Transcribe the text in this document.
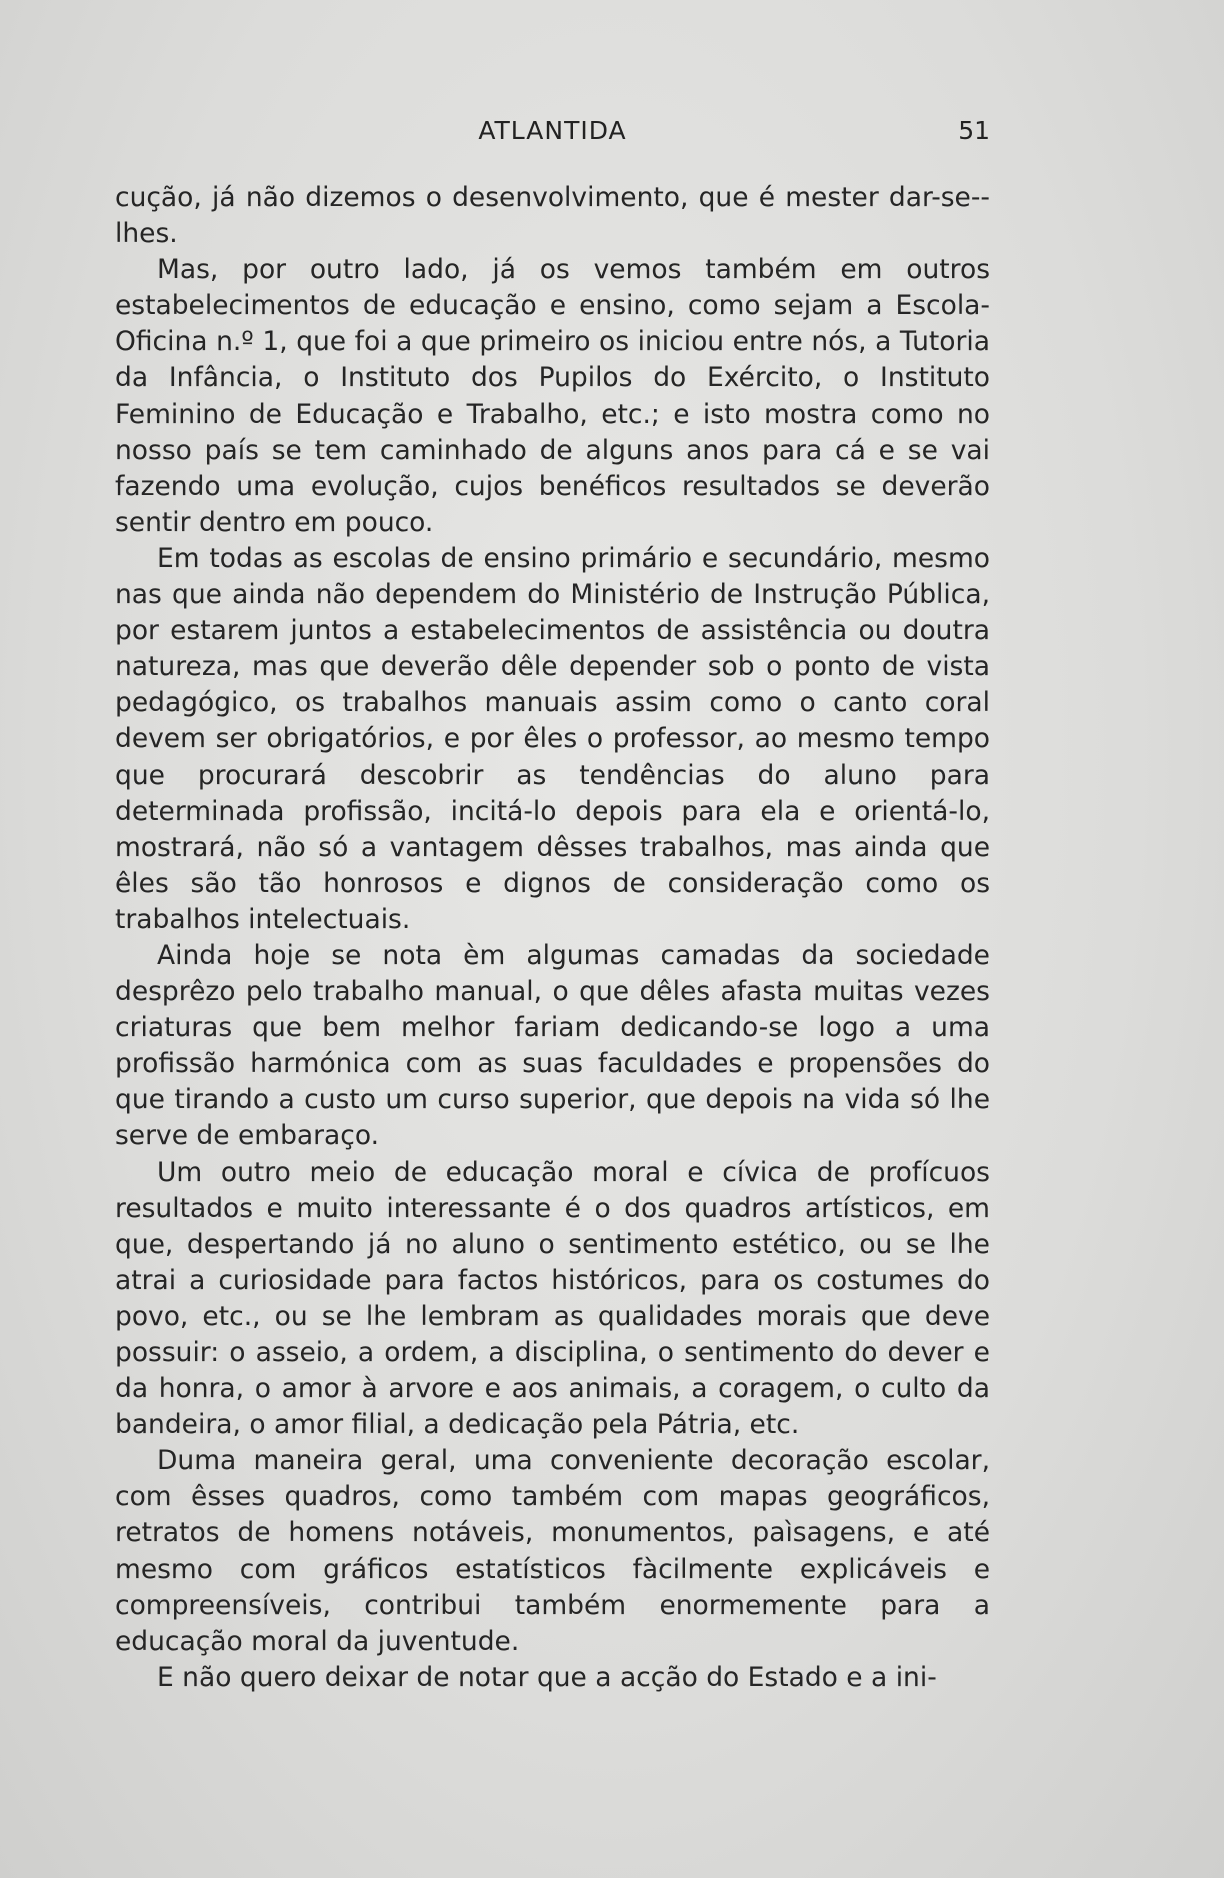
ATLANTIDA	51

cução, já não dizemos o desenvolvimento, que é mester dar-se--lhes.

Mas, por outro lado, já os vemos também em outros estabelecimentos de educação e ensino, como sejam a Escola-Oficina n.º 1, que foi a que primeiro os iniciou entre nós, a Tutoria da Infância, o Instituto dos Pupilos do Exército, o Instituto Feminino de Educação e Trabalho, etc.; e isto mostra como no nosso país se tem caminhado de alguns anos para cá e se vai fazendo uma evolução, cujos benéficos resultados se deverão sentir dentro em pouco.

Em todas as escolas de ensino primário e secundário, mesmo nas que ainda não dependem do Ministério de Instrução Pública, por estarem juntos a estabelecimentos de assistência ou doutra natureza, mas que deverão dêle depender sob o ponto de vista pedagógico, os trabalhos manuais assim como o canto coral devem ser obrigatórios, e por êles o professor, ao mesmo tempo que procurará descobrir as tendências do aluno para determinada profissão, incitá-lo depois para ela e orientá-lo, mostrará, não só a vantagem dêsses trabalhos, mas ainda que êles são tão honrosos e dignos de consideração como os trabalhos intelectuais.

Ainda hoje se nota èm algumas camadas da sociedade desprêzo pelo trabalho manual, o que dêles afasta muitas vezes criaturas que bem melhor fariam dedicando-se logo a uma profissão harmónica com as suas faculdades e propensões do que tirando a custo um curso superior, que depois na vida só lhe serve de embaraço.

Um outro meio de educação moral e cívica de profícuos resultados e muito interessante é o dos quadros artísticos, em que, despertando já no aluno o sentimento estético, ou se lhe atrai a curiosidade para factos históricos, para os costumes do povo, etc., ou se lhe lembram as qualidades morais que deve possuir: o asseio, a ordem, a disciplina, o sentimento do dever e da honra, o amor à arvore e aos animais, a coragem, o culto da bandeira, o amor filial, a dedicação pela Pátria, etc.

Duma maneira geral, uma conveniente decoração escolar, com êsses quadros, como também com mapas geográficos, retratos de homens notáveis, monumentos, paìsagens, e até mesmo com gráficos estatísticos fàcilmente explicáveis e compreensíveis, contribui também enormemente para a educação moral da juventude.

E não quero deixar de notar que a acção do Estado e a ini-
